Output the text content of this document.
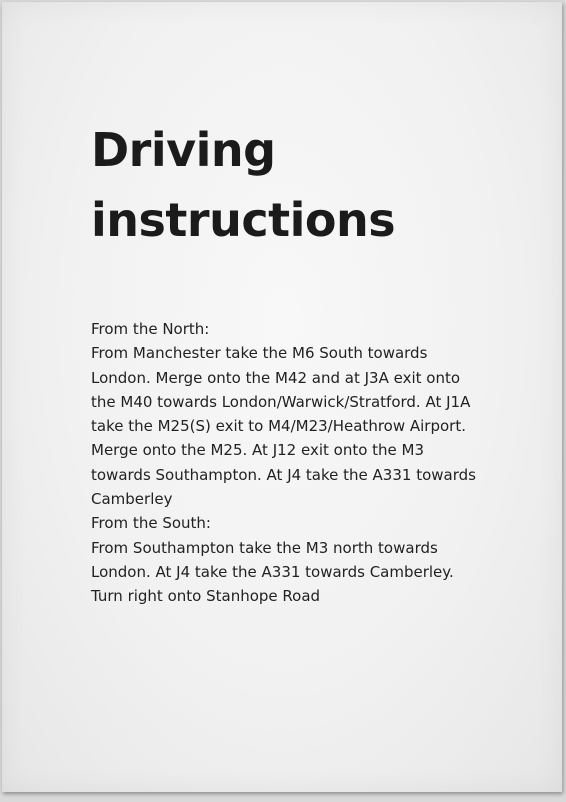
Driving
instructions

From the North:

From Manchester take the M6 South towards London. Merge onto the M42 and at J3A exit onto the M40 towards London/Warwick/Stratford. At J1A take the M25(S) exit to M4/M23/Heathrow Airport. Merge onto the M25. At J12 exit onto the M3 towards Southampton. At J4 take the A331 towards Camberley

From the South:

From Southampton take the M3 north towards London. At J4 take the A331 towards Camberley. Turn right onto Stanhope Road
